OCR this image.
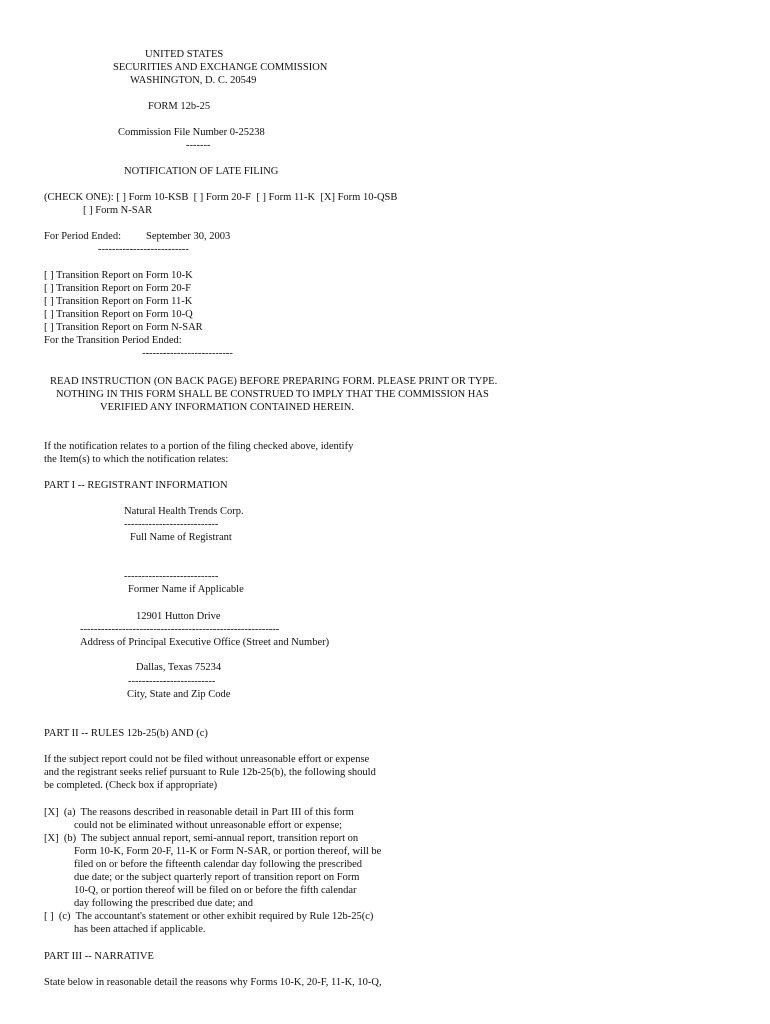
UNITED STATES
SECURITIES AND EXCHANGE COMMISSION
WASHINGTON, D. C. 20549
FORM 12b-25
Commission File Number 0-25238
-------
NOTIFICATION OF LATE FILING
(CHECK ONE): [ ] Form 10-KSB  [ ] Form 20-F  [ ] Form 11-K  [X] Form 10-QSB
[ ] Form N-SAR
For Period Ended: September 30, 2003
--------------------------
[ ] Transition Report on Form 10-K
[ ] Transition Report on Form 20-F
[ ] Transition Report on Form 11-K
[ ] Transition Report on Form 10-Q
[ ] Transition Report on Form N-SAR
For the Transition Period Ended:
--------------------------
READ INSTRUCTION (ON BACK PAGE) BEFORE PREPARING FORM. PLEASE PRINT OR TYPE.
NOTHING IN THIS FORM SHALL BE CONSTRUED TO IMPLY THAT THE COMMISSION HAS
VERIFIED ANY INFORMATION CONTAINED HEREIN.
If the notification relates to a portion of the filing checked above, identify
the Item(s) to which the notification relates:
PART I -- REGISTRANT INFORMATION
Natural Health Trends Corp.
---------------------------
Full Name of Registrant
---------------------------
Former Name if Applicable
12901 Hutton Drive
---------------------------------------------------------
Address of Principal Executive Office (Street and Number)
Dallas, Texas 75234
-------------------------
City, State and Zip Code
PART II -- RULES 12b-25(b) AND (c)
If the subject report could not be filed without unreasonable effort or expense
and the registrant seeks relief pursuant to Rule 12b-25(b), the following should
be completed. (Check box if appropriate)
[X]  (a)  The reasons described in reasonable detail in Part III of this form
could not be eliminated without unreasonable effort or expense;
[X]  (b)  The subject annual report, semi-annual report, transition report on
Form 10-K, Form 20-F, 11-K or Form N-SAR, or portion thereof, will be
filed on or before the fifteenth calendar day following the prescribed
due date; or the subject quarterly report of transition report on Form
10-Q, or portion thereof will be filed on or before the fifth calendar
day following the prescribed due date; and
[ ]  (c)  The accountant's statement or other exhibit required by Rule 12b-25(c)
has been attached if applicable.
PART III -- NARRATIVE
State below in reasonable detail the reasons why Forms 10-K, 20-F, 11-K, 10-Q,
